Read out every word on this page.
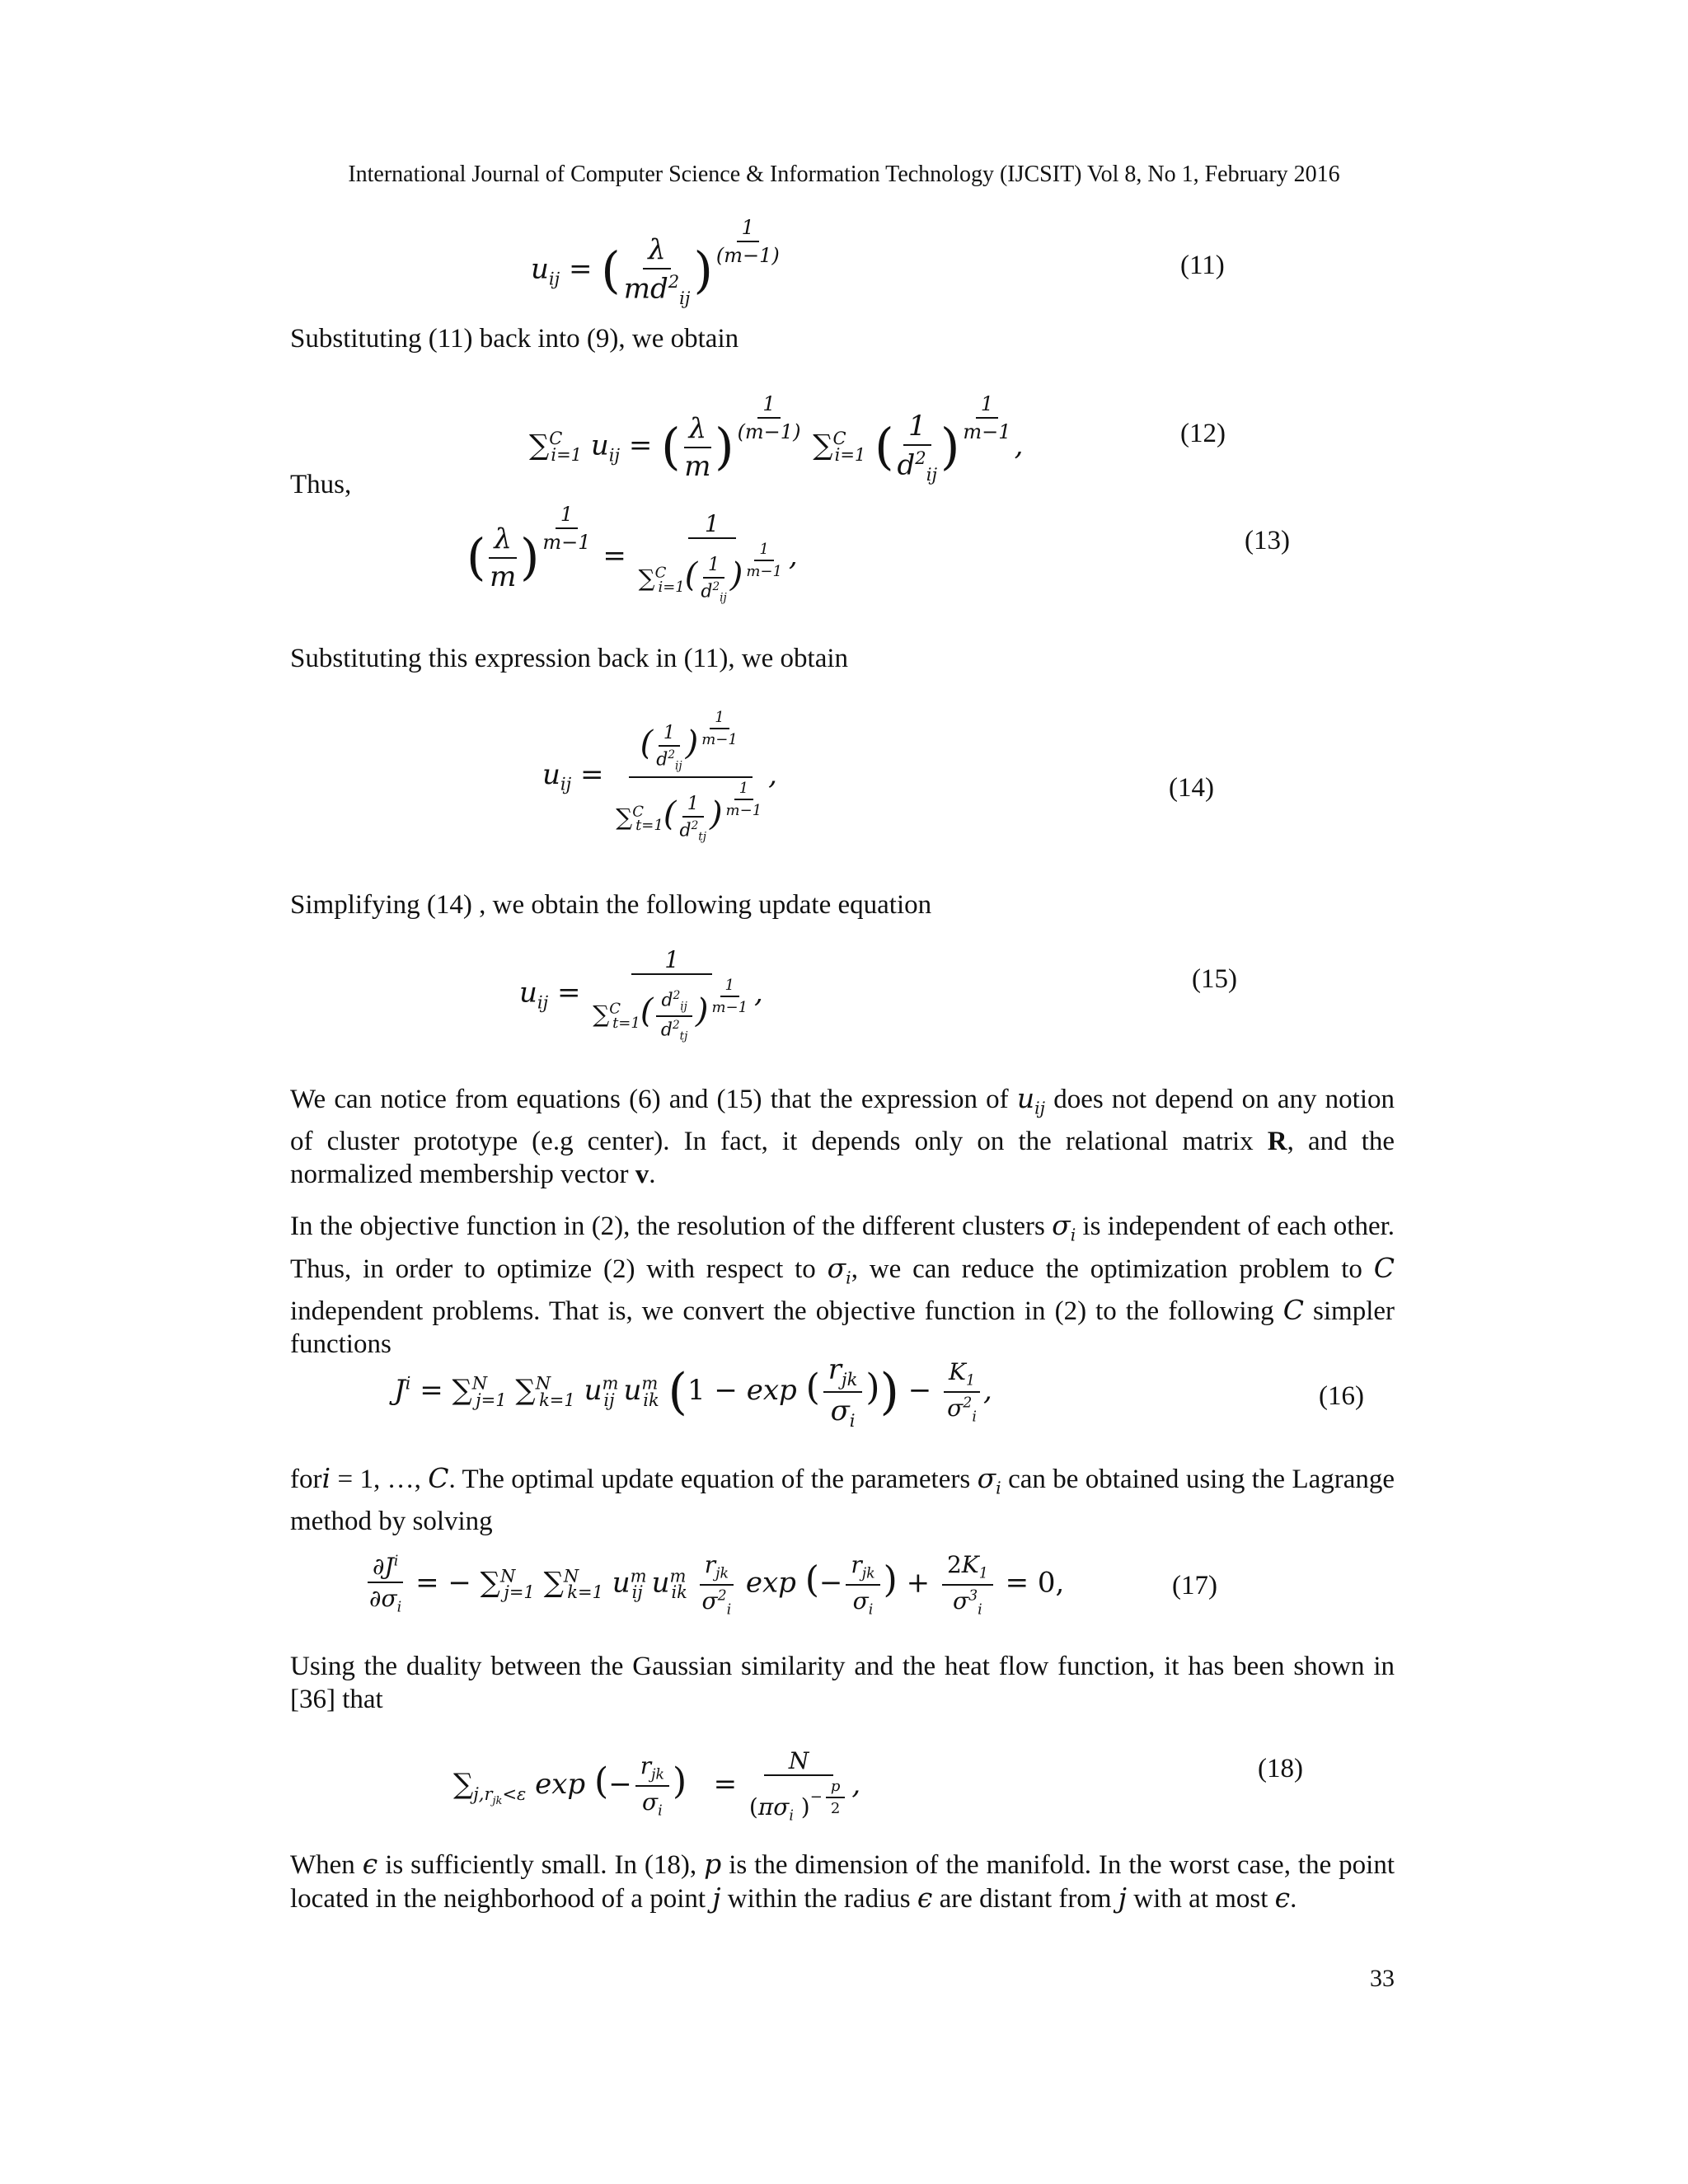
International Journal of Computer Science & Information Technology (IJCSIT) Vol 8, No 1, February 2016
$u_{ij}$ = ( $\frac{\lambda}{md^2_{ij}}$ )
$^{\frac{1}{(m-1)}}$	(11)
Substituting (11) back into (9), we obtain
∑$^C_{i=1}$ $u_{ij}$ = ( $\frac{\lambda}{m}$ )
$^{\frac{1}{(m-1)}}$
∑$^C_{i=1}$ ( $\frac{1}{d^2_{ij}}$ )
$^{\frac{1}{m-1}}$
,	(12)
Thus,
( $\frac{\lambda}{m}$ )
$^{\frac{1}{m-1}}$
= 1
$\sum^C_{i=1}( \frac{1}{d^2_{ij}}$ ) $^{\frac{1}{m-1}}$ ,	(13)
Substituting this expression back in (11), we obtain
$u_{ij}$ = ( $\frac{1}{d^2_{ij}}$ ) $^{\frac{1}{m-1}}$
$\sum^C_{t=1}( \frac{1}{d^2_{tj}}$ ) $^{\frac{1}{m-1}}$ ,	(14)
Simplifying (14) , we obtain the following update equation
$u_{ij} = 1$
$\sum^C_{t=1}( \frac{d^2_{ij}}{d^2_{tj}}$ ) $^{\frac{1}{m-1}}$ ,	(15)
We can notice from equations (6) and (15) that the expression of $u_{ij}$ does not depend on any notion of cluster prototype (e.g center). In fact, it depends only on the relational matrix R, and the normalized membership vector v.
In the objective function in (2), the resolution of the different clusters $\sigma_i$ is independent of each other. Thus, in order to optimize (2) with respect to $\sigma_i$, we can reduce the optimization problem to C independent problems. That is, we convert the objective function in (2) to the following C simpler functions
$J^i = \sum^N_{j=1}$ ∑$^N_{k=1}$ $u^m_{ij}$ $u^m_{ik}$ (1 − exp ( $\frac{r_{jk}}{\sigma_i}$ )) − $\frac{K_1}{\sigma^2_i}$ ,	(16)
fori = 1, …, C. The optimal update equation of the parameters $\sigma_i$ can be obtained using the Lagrange method by solving
$\frac{\partial J^i}{\partial\sigma_i}$ = − ∑$^N_{j=1}$ ∑$^N_{k=1}$ $u^m_{ij}$ $u^m_{ik} \frac{r_{jk}}{\sigma^2_i}$ exp (− $\frac{r_{jk}}{\sigma_i}$ ) + $\frac{2K_1}{\sigma^3_i} = 0$,	(17)
Using the duality between the Gaussian similarity and the heat flow function, it has been shown in [36] that
$\sum_{j,r_{jk}<\varepsilon}$ exp (− $\frac{r_{jk}}{\sigma_i}$ )   = N
($\pi\sigma_i$ )$^{- \frac{p}{2}}$ ,	(18)
When ϵ is sufficiently small. In (18), p is the dimension of the manifold. In the worst case, the point located in the neighborhood of a point j within the radius ϵ are distant from j with at most ϵ.
33
